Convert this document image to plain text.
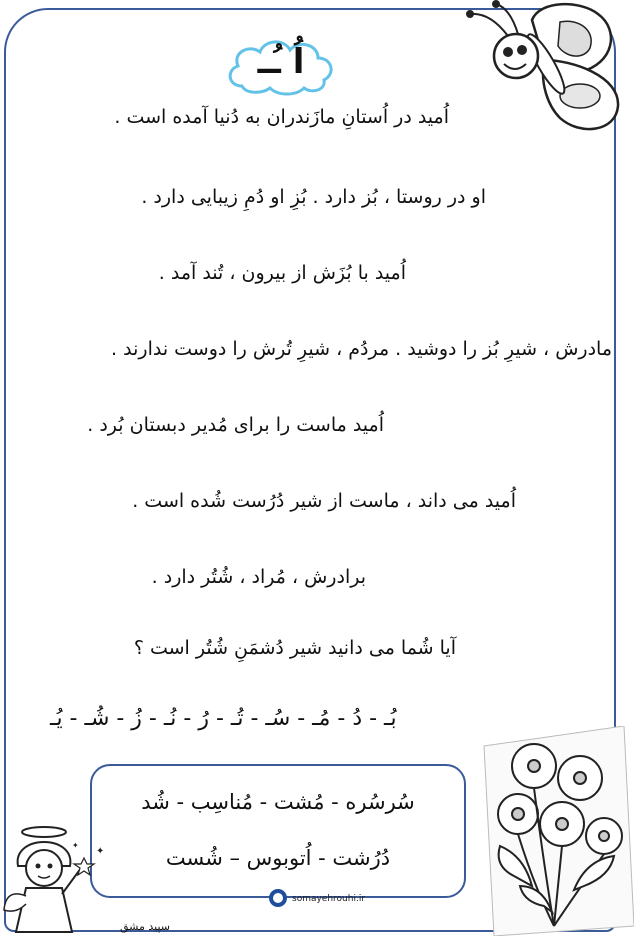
اُ ـُـ
اُمید در اُستانِ مازَندران به دُنیا آمده است .
او در روستا ، بُز دارد . بُزِ او دُمِ زیبایی دارد .
اُمید با بُزَش از بیرون ، تُند آمد .
مادرش ، شیرِ بُز را دوشید . مردُم ، شیرِ تُرش را دوست ندارند .
اُمید ماست را برای مُدیر دبستان بُرد .
اُمید می داند ، ماست از شیر دُرُست شُده است .
برادرش ، مُراد ، شُتُر دارد .
آیا شُما می دانید شیر دُشمَنِ شُتُر است ؟
بُـ - دُ - مُـ - سُـ - تُـ - رُ - نُـ - زُ - شُـ - یُـ
سُرسُره - مُشت - مُناسِب - شُد
دُرُشت - اُتوبوس – شُست
✦
✦
somayehrouhi.ir
سپید مشق
